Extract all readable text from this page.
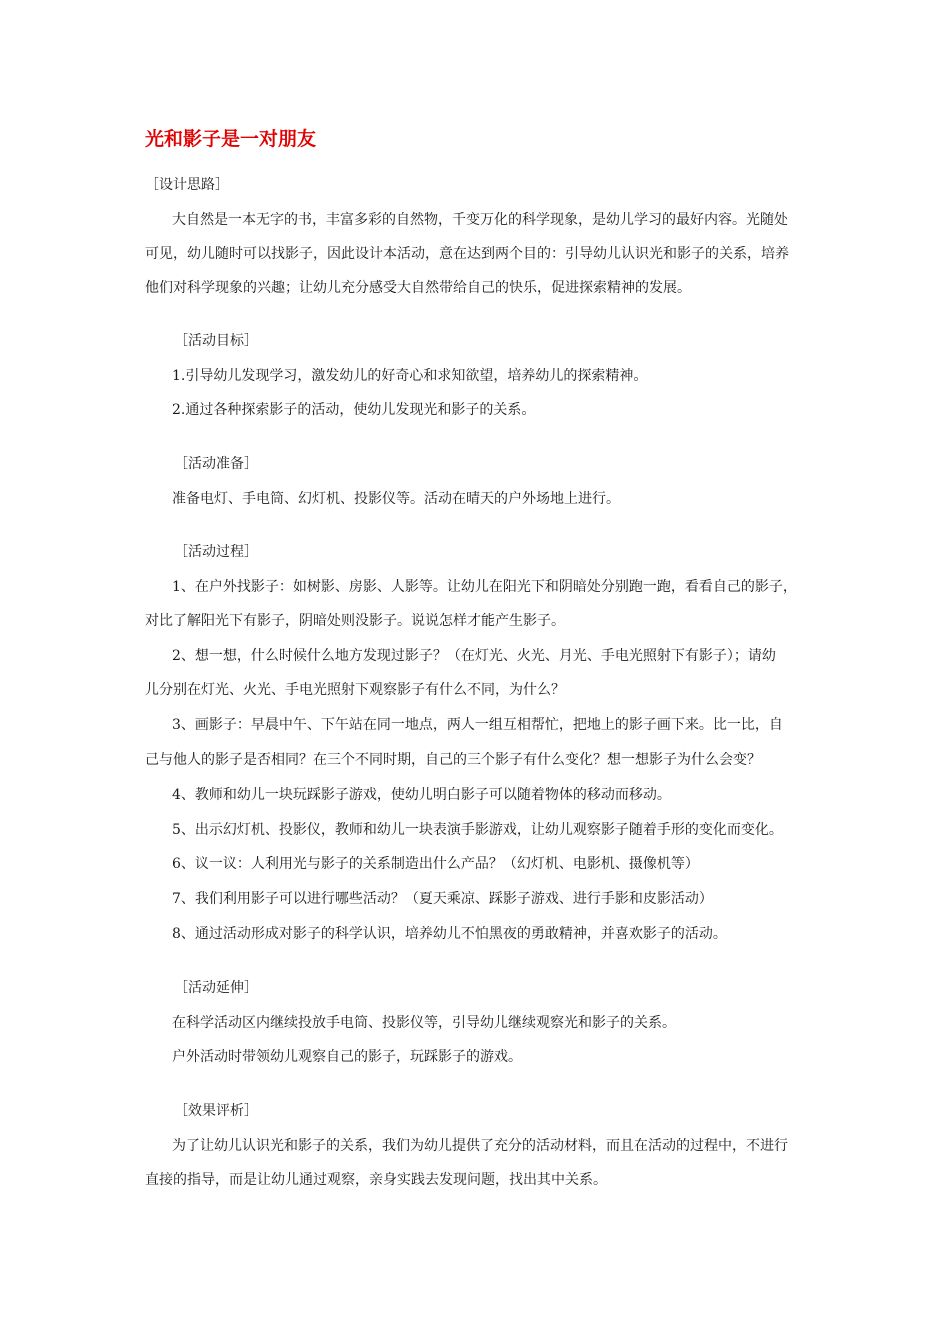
光和影子是一对朋友

［设计思路］

大自然是一本无字的书，丰富多彩的自然物，千变万化的科学现象，是幼儿学习的最好内容。光随处

可见，幼儿随时可以找影子，因此设计本活动，意在达到两个目的：引导幼儿认识光和影子的关系，培养

他们对科学现象的兴趣；让幼儿充分感受大自然带给自己的快乐，促进探索精神的发展。

［活动目标］

1.引导幼儿发现学习，激发幼儿的好奇心和求知欲望，培养幼儿的探索精神。

2.通过各种探索影子的活动，使幼儿发现光和影子的关系。

［活动准备］

准备电灯、手电筒、幻灯机、投影仪等。活动在晴天的户外场地上进行。

［活动过程］

1、在户外找影子：如树影、房影、人影等。让幼儿在阳光下和阴暗处分别跑一跑，看看自己的影子，

对比了解阳光下有影子，阴暗处则没影子。说说怎样才能产生影子。

2、想一想，什么时候什么地方发现过影子？（在灯光、火光、月光、手电光照射下有影子）；请幼

儿分别在灯光、火光、手电光照射下观察影子有什么不同，为什么？

3、画影子：早晨中午、下午站在同一地点，两人一组互相帮忙，把地上的影子画下来。比一比，自

己与他人的影子是否相同？在三个不同时期，自己的三个影子有什么变化？想一想影子为什么会变？

4、教师和幼儿一块玩踩影子游戏，使幼儿明白影子可以随着物体的移动而移动。

5、出示幻灯机、投影仪，教师和幼儿一块表演手影游戏，让幼儿观察影子随着手形的变化而变化。

6、议一议：人利用光与影子的关系制造出什么产品？（幻灯机、电影机、摄像机等）

7、我们利用影子可以进行哪些活动？（夏天乘凉、踩影子游戏、进行手影和皮影活动）

8、通过活动形成对影子的科学认识，培养幼儿不怕黑夜的勇敢精神，并喜欢影子的活动。

［活动延伸］

在科学活动区内继续投放手电筒、投影仪等，引导幼儿继续观察光和影子的关系。

户外活动时带领幼儿观察自己的影子，玩踩影子的游戏。

［效果评析］

为了让幼儿认识光和影子的关系，我们为幼儿提供了充分的活动材料，而且在活动的过程中，不进行

直接的指导，而是让幼儿通过观察，亲身实践去发现问题，找出其中关系。
